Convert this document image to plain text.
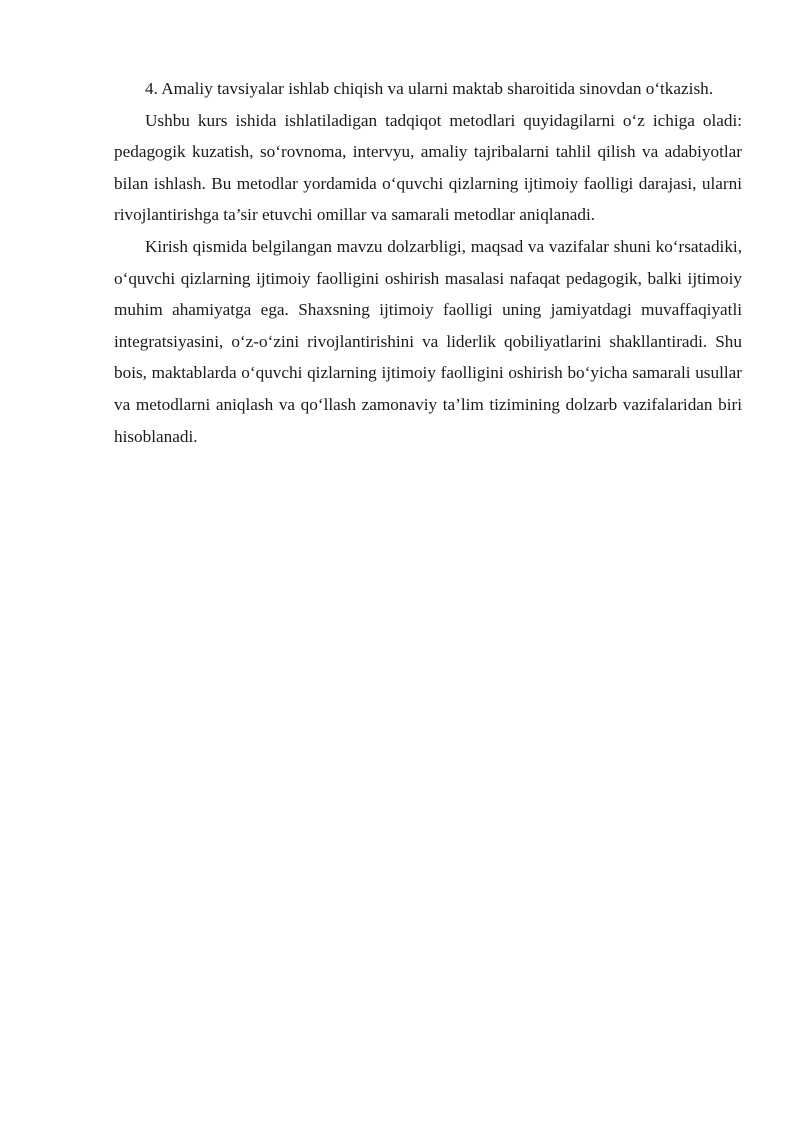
4. Amaliy tavsiyalar ishlab chiqish va ularni maktab sharoitida sinovdan o‘tkazish.

Ushbu kurs ishida ishlatiladigan tadqiqot metodlari quyidagilarni o‘z ichiga oladi: pedagogik kuzatish, so‘rovnoma, intervyu, amaliy tajribalarni tahlil qilish va adabiyotlar bilan ishlash. Bu metodlar yordamida o‘quvchi qizlarning ijtimoiy faolligi darajasi, ularni rivojlantirishga ta’sir etuvchi omillar va samarali metodlar aniqlanadi.

Kirish qismida belgilangan mavzu dolzarbligi, maqsad va vazifalar shuni ko‘rsatadiki, o‘quvchi qizlarning ijtimoiy faolligini oshirish masalasi nafaqat pedagogik, balki ijtimoiy muhim ahamiyatga ega. Shaxsning ijtimoiy faolligi uning jamiyatdagi muvaffaqiyatli integratsiyasini, o‘z-o‘zini rivojlantirishini va liderlik qobiliyatlarini shakllantiradi. Shu bois, maktablarda o‘quvchi qizlarning ijtimoiy faolligini oshirish bo‘yicha samarali usullar va metodlarni aniqlash va qo‘llash zamonaviy ta’lim tizimining dolzarb vazifalaridan biri hisoblanadi.
